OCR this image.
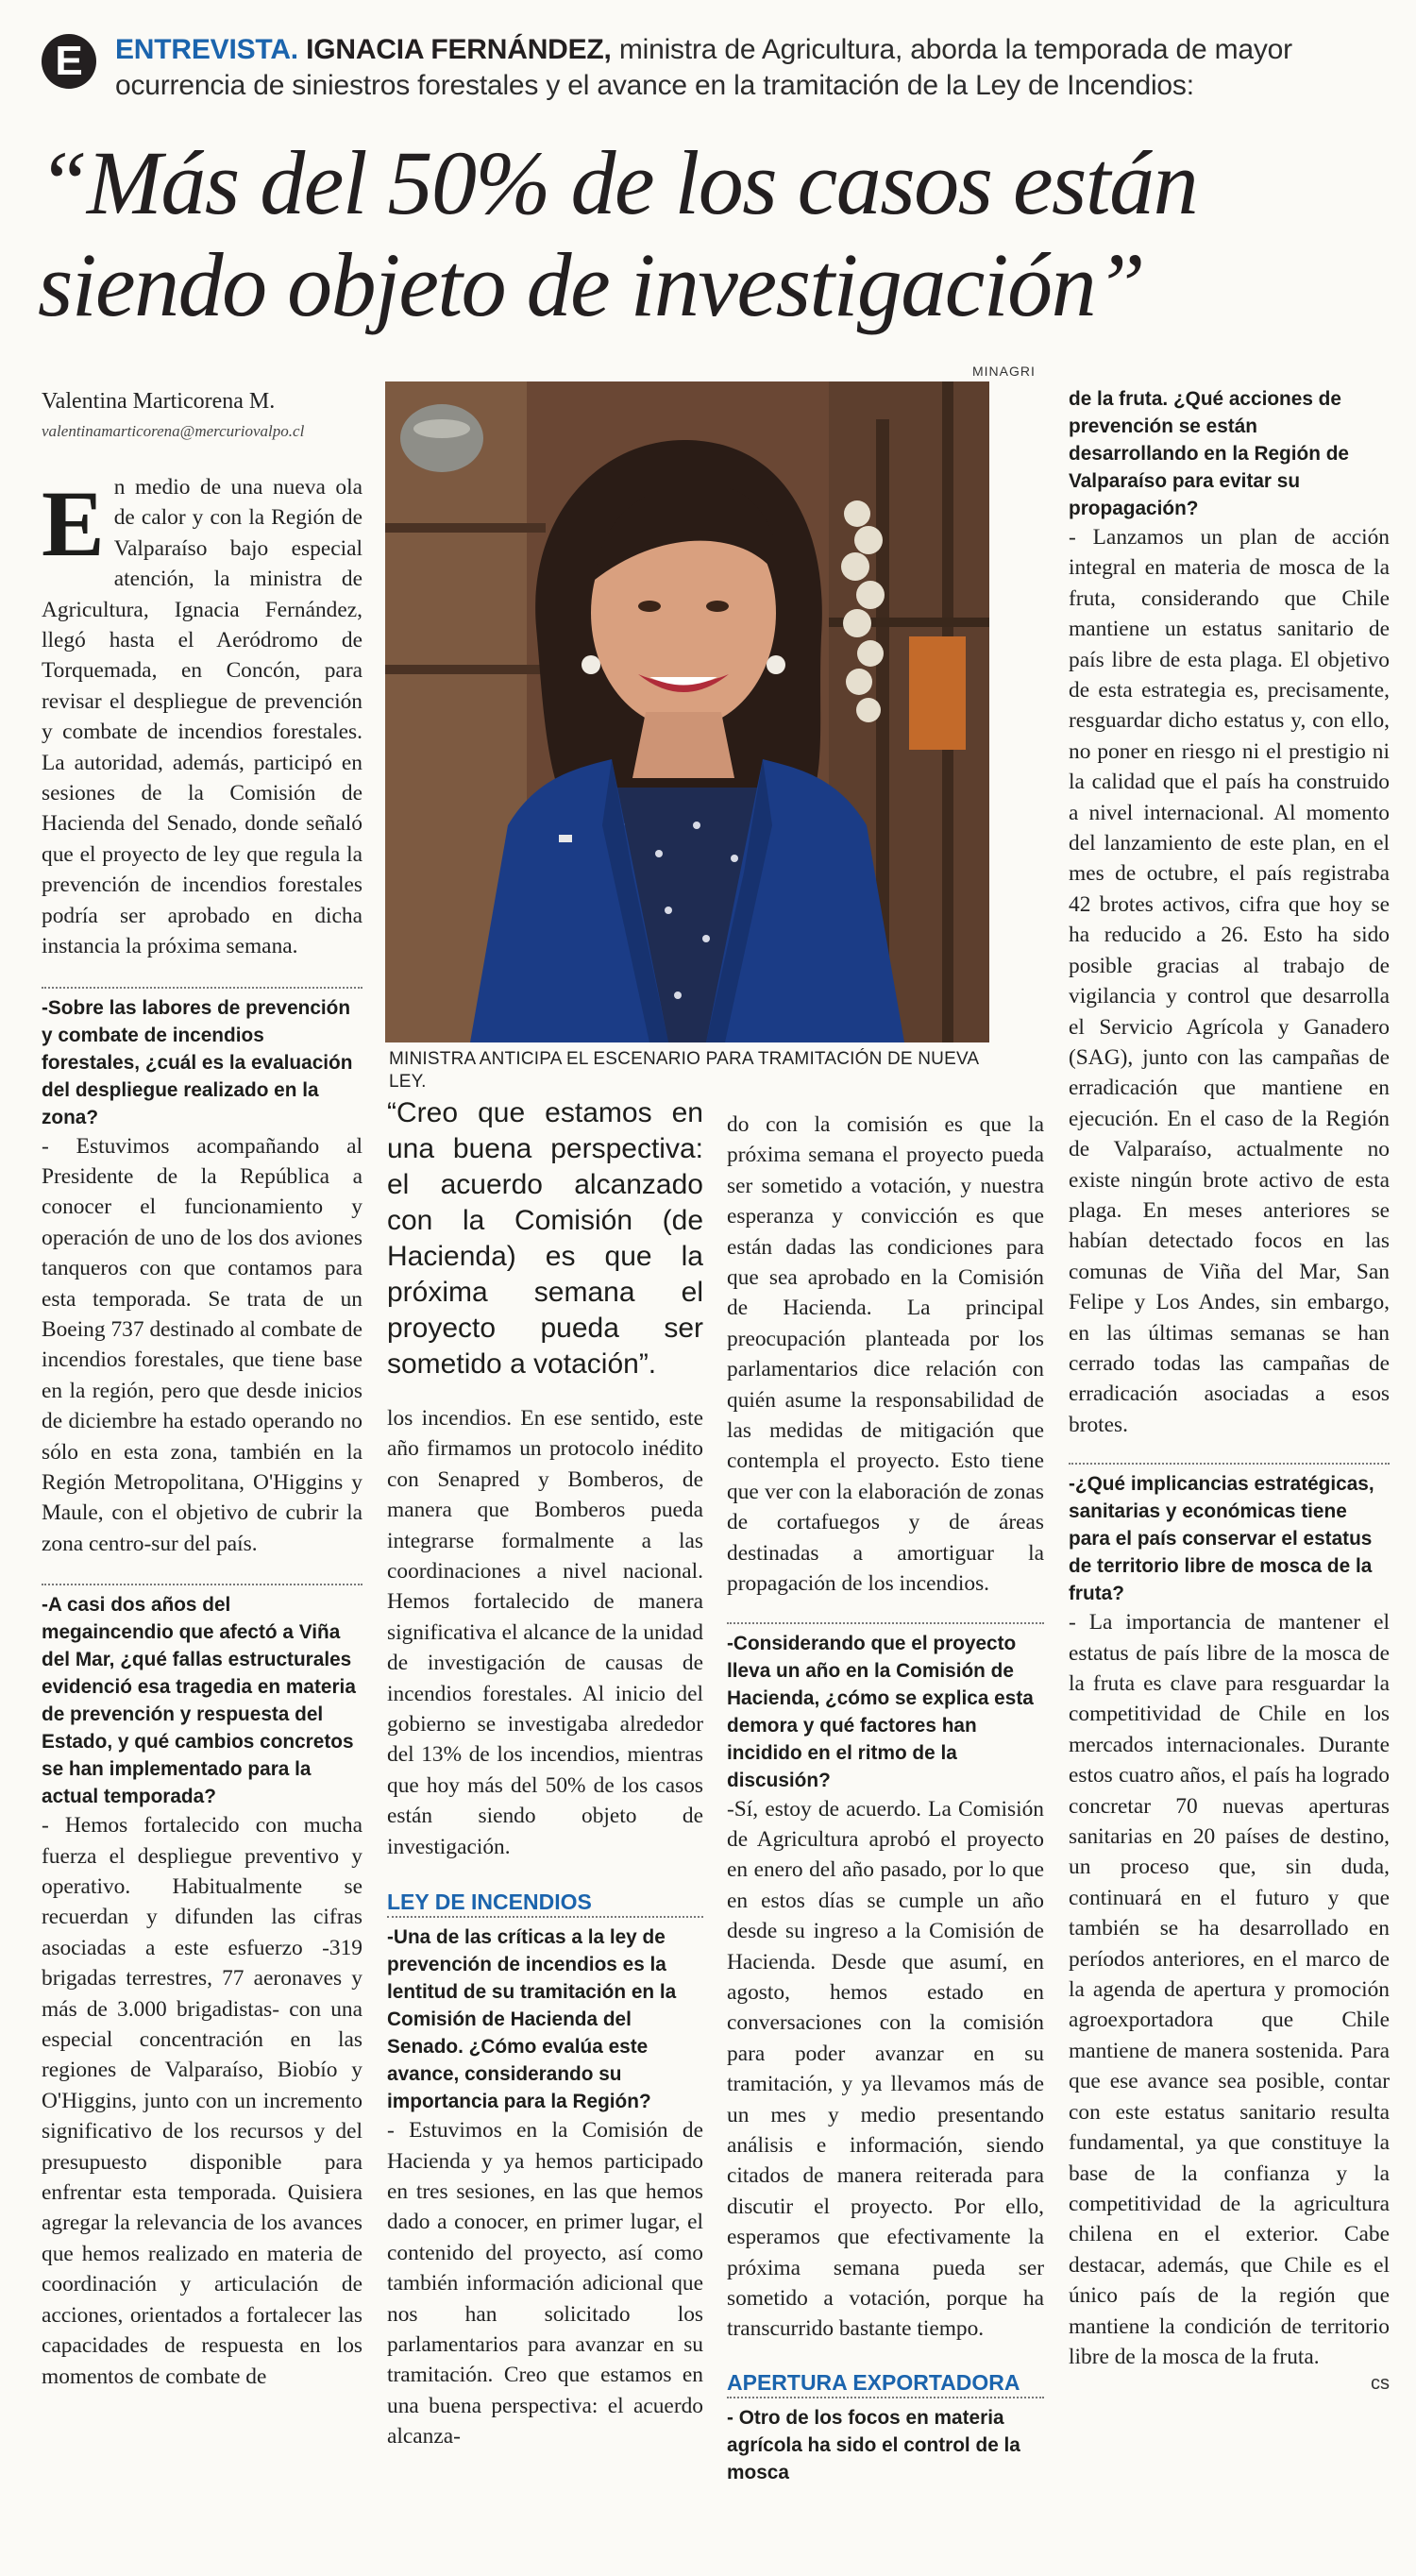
E	ENTREVISTA. IGNACIA FERNÁNDEZ, ministra de Agricultura, aborda la temporada de mayor ocurrencia de siniestros forestales y el avance en la tramitación de la Ley de Incendios:
“Más del 50% de los casos están siendo objeto de investigación”
Valentina Marticorena M.
valentinamarticorena@mercuriovalpo.cl
MINAGRI
MINISTRA ANTICIPA EL ESCENARIO PARA TRAMITACIÓN DE NUEVA LEY.
E n medio de una nueva ola de calor y con la Región de Valparaíso bajo especial atención, la ministra de Agricultura, Ignacia Fernández, llegó hasta el Aeródromo de Torquemada, en Concón, para revisar el despliegue de prevención y combate de incendios forestales. La autoridad, además, participó en sesiones de la Comisión de Hacienda del Senado, donde señaló que el proyecto de ley que regula la prevención de incendios forestales podría ser aprobado en dicha instancia la próxima semana.

-Sobre las labores de prevención y combate de incendios forestales, ¿cuál es la evaluación del despliegue realizado en la zona?

- Estuvimos acompañando al Presidente de la República a conocer el funcionamiento y operación de uno de los dos aviones tanqueros con que contamos para esta temporada. Se trata de un Boeing 737 destinado al combate de incendios forestales, que tiene base en la región, pero que desde inicios de diciembre ha estado operando no sólo en esta zona, también en la Región Metropolitana, O'Higgins y Maule, con el objetivo de cubrir la zona centro-sur del país.

-A casi dos años del megaincendio que afectó a Viña del Mar, ¿qué fallas estructurales evidenció esa tragedia en materia de prevención y respuesta del Estado, y qué cambios concretos se han implementado para la actual temporada?

- Hemos fortalecido con mucha fuerza el despliegue preventivo y operativo. Habitualmente se recuerdan y difunden las cifras asociadas a este esfuerzo -319 brigadas terrestres, 77 aeronaves y más de 3.000 brigadistas- con una especial concentración en las regiones de Valparaíso, Biobío y O'Higgins, junto con un incremento significativo de los recursos y del presupuesto disponible para enfrentar esta temporada. Quisiera agregar la relevancia de los avances que hemos realizado en materia de coordinación y articulación de acciones, orientados a fortalecer las capacidades de respuesta en los momentos de combate de

“Creo que estamos en una buena perspectiva: el acuerdo alcanzado con la Comisión (de Hacienda) es que la próxima semana el proyecto pueda ser sometido a votación”.

los incendios. En ese sentido, este año firmamos un protocolo inédito con Senapred y Bomberos, de manera que Bomberos pueda integrarse formalmente a las coordinaciones a nivel nacional. Hemos fortalecido de manera significativa el alcance de la unidad de investigación de causas de incendios forestales. Al inicio del gobierno se investigaba alrededor del 13% de los incendios, mientras que hoy más del 50% de los casos están siendo objeto de investigación.

LEY DE INCENDIOS

-Una de las críticas a la ley de prevención de incendios es la lentitud de su tramitación en la Comisión de Hacienda del Senado. ¿Cómo evalúa este avance, considerando su importancia para la Región?

- Estuvimos en la Comisión de Hacienda y ya hemos participado en tres sesiones, en las que hemos dado a conocer, en primer lugar, el contenido del proyecto, así como también información adicional que nos han solicitado los parlamentarios para avanzar en su tramitación. Creo que estamos en una buena perspectiva: el acuerdo alcanza-

do con la comisión es que la próxima semana el proyecto pueda ser sometido a votación, y nuestra esperanza y convicción es que están dadas las condiciones para que sea aprobado en la Comisión de Hacienda. La principal preocupación planteada por los parlamentarios dice relación con quién asume la responsabilidad de las medidas de mitigación que contempla el proyecto. Esto tiene que ver con la elaboración de zonas de cortafuegos y de áreas destinadas a amortiguar la propagación de los incendios.

-Considerando que el proyecto lleva un año en la Comisión de Hacienda, ¿cómo se explica esta demora y qué factores han incidido en el ritmo de la discusión?

-Sí, estoy de acuerdo. La Comisión de Agricultura aprobó el proyecto en enero del año pasado, por lo que en estos días se cumple un año desde su ingreso a la Comisión de Hacienda. Desde que asumí, en agosto, hemos estado en conversaciones con la comisión para poder avanzar en su tramitación, y ya llevamos más de un mes y medio presentando análisis e información, siendo citados de manera reiterada para discutir el proyecto. Por ello, esperamos que efectivamente la próxima semana pueda ser sometido a votación, porque ha transcurrido bastante tiempo.

APERTURA EXPORTADORA

- Otro de los focos en materia agrícola ha sido el control de la mosca

de la fruta. ¿Qué acciones de prevención se están desarrollando en la Región de Valparaíso para evitar su propagación?

- Lanzamos un plan de acción integral en materia de mosca de la fruta, considerando que Chile mantiene un estatus sanitario de país libre de esta plaga. El objetivo de esta estrategia es, precisamente, resguardar dicho estatus y, con ello, no poner en riesgo ni el prestigio ni la calidad que el país ha construido a nivel internacional. Al momento del lanzamiento de este plan, en el mes de octubre, el país registraba 42 brotes activos, cifra que hoy se ha reducido a 26. Esto ha sido posible gracias al trabajo de vigilancia y control que desarrolla el Servicio Agrícola y Ganadero (SAG), junto con las campañas de erradicación que mantiene en ejecución. En el caso de la Región de Valparaíso, actualmente no existe ningún brote activo de esta plaga. En meses anteriores se habían detectado focos en las comunas de Viña del Mar, San Felipe y Los Andes, sin embargo, en las últimas semanas se han cerrado todas las campañas de erradicación asociadas a esos brotes.

-¿Qué implicancias estratégicas, sanitarias y económicas tiene para el país conservar el estatus de territorio libre de mosca de la fruta?

- La importancia de mantener el estatus de país libre de la mosca de la fruta es clave para resguardar la competitividad de Chile en los mercados internacionales. Durante estos cuatro años, el país ha logrado concretar 70 nuevas aperturas sanitarias en 20 países de destino, un proceso que, sin duda, continuará en el futuro y que también se ha desarrollado en períodos anteriores, en el marco de la agenda de apertura y promoción agroexportadora que Chile mantiene de manera sostenida. Para que ese avance sea posible, contar con este estatus sanitario resulta fundamental, ya que constituye la base de la confianza y la competitividad de la agricultura chilena en el exterior. Cabe destacar, además, que Chile es el único país de la región que mantiene la condición de territorio libre de la mosca de la fruta.

cs
